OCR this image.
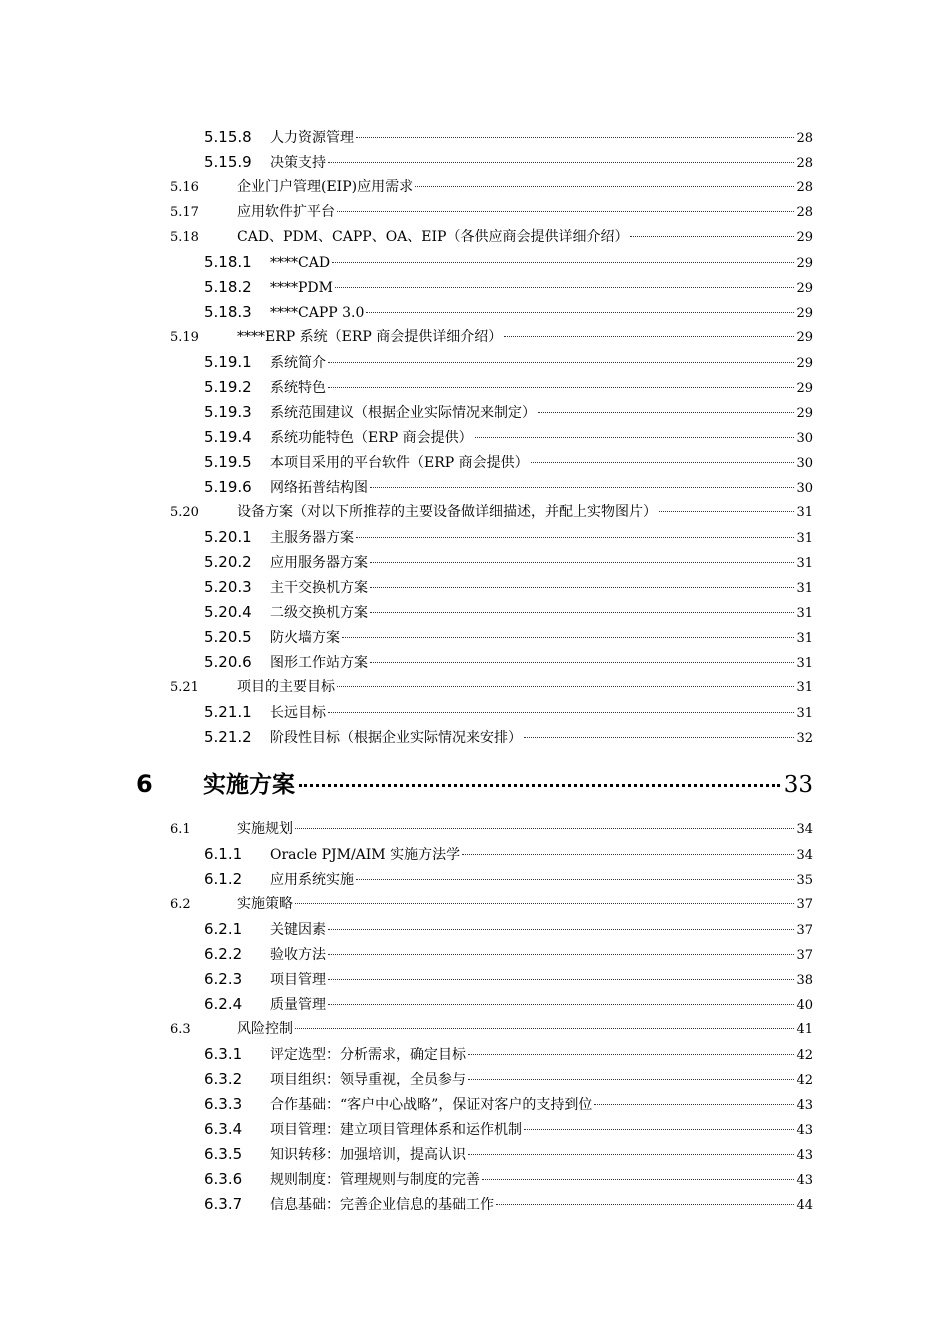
5.15.8	人力资源管理	28
5.15.9	决策支持	28
5.16	企业门户管理(EIP)应用需求	28
5.17	应用软件扩平台	28
5.18	CAD、PDM、CAPP、OA、EIP（各供应商会提供详细介绍）	29
5.18.1	****CAD	29
5.18.2	****PDM	29
5.18.3	****CAPP 3.0	29
5.19	****ERP 系统（ERP 商会提供详细介绍）	29
5.19.1	系统简介	29
5.19.2	系统特色	29
5.19.3	系统范围建议（根据企业实际情况来制定）	29
5.19.4	系统功能特色（ERP 商会提供）	30
5.19.5	本项目采用的平台软件（ERP 商会提供）	30
5.19.6	网络拓普结构图	30
5.20	设备方案（对以下所推荐的主要设备做详细描述，并配上实物图片）	31
5.20.1	主服务器方案	31
5.20.2	应用服务器方案	31
5.20.3	主干交换机方案	31
5.20.4	二级交换机方案	31
5.20.5	防火墙方案	31
5.20.6	图形工作站方案	31
5.21	项目的主要目标	31
5.21.1	长远目标	31
5.21.2	阶段性目标（根据企业实际情况来安排）	32
6	实施方案	33
6.1	实施规划	34
6.1.1	Oracle PJM/AIM 实施方法学	34
6.1.2	应用系统实施	35
6.2	实施策略	37
6.2.1	关键因素	37
6.2.2	验收方法	37
6.2.3	项目管理	38
6.2.4	质量管理	40
6.3	风险控制	41
6.3.1	评定选型：分析需求，确定目标	42
6.3.2	项目组织：领导重视，全员参与	42
6.3.3	合作基础：“客户中心战略”，保证对客户的支持到位	43
6.3.4	项目管理：建立项目管理体系和运作机制	43
6.3.5	知识转移：加强培训，提高认识	43
6.3.6	规则制度：管理规则与制度的完善	43
6.3.7	信息基础：完善企业信息的基础工作	44
